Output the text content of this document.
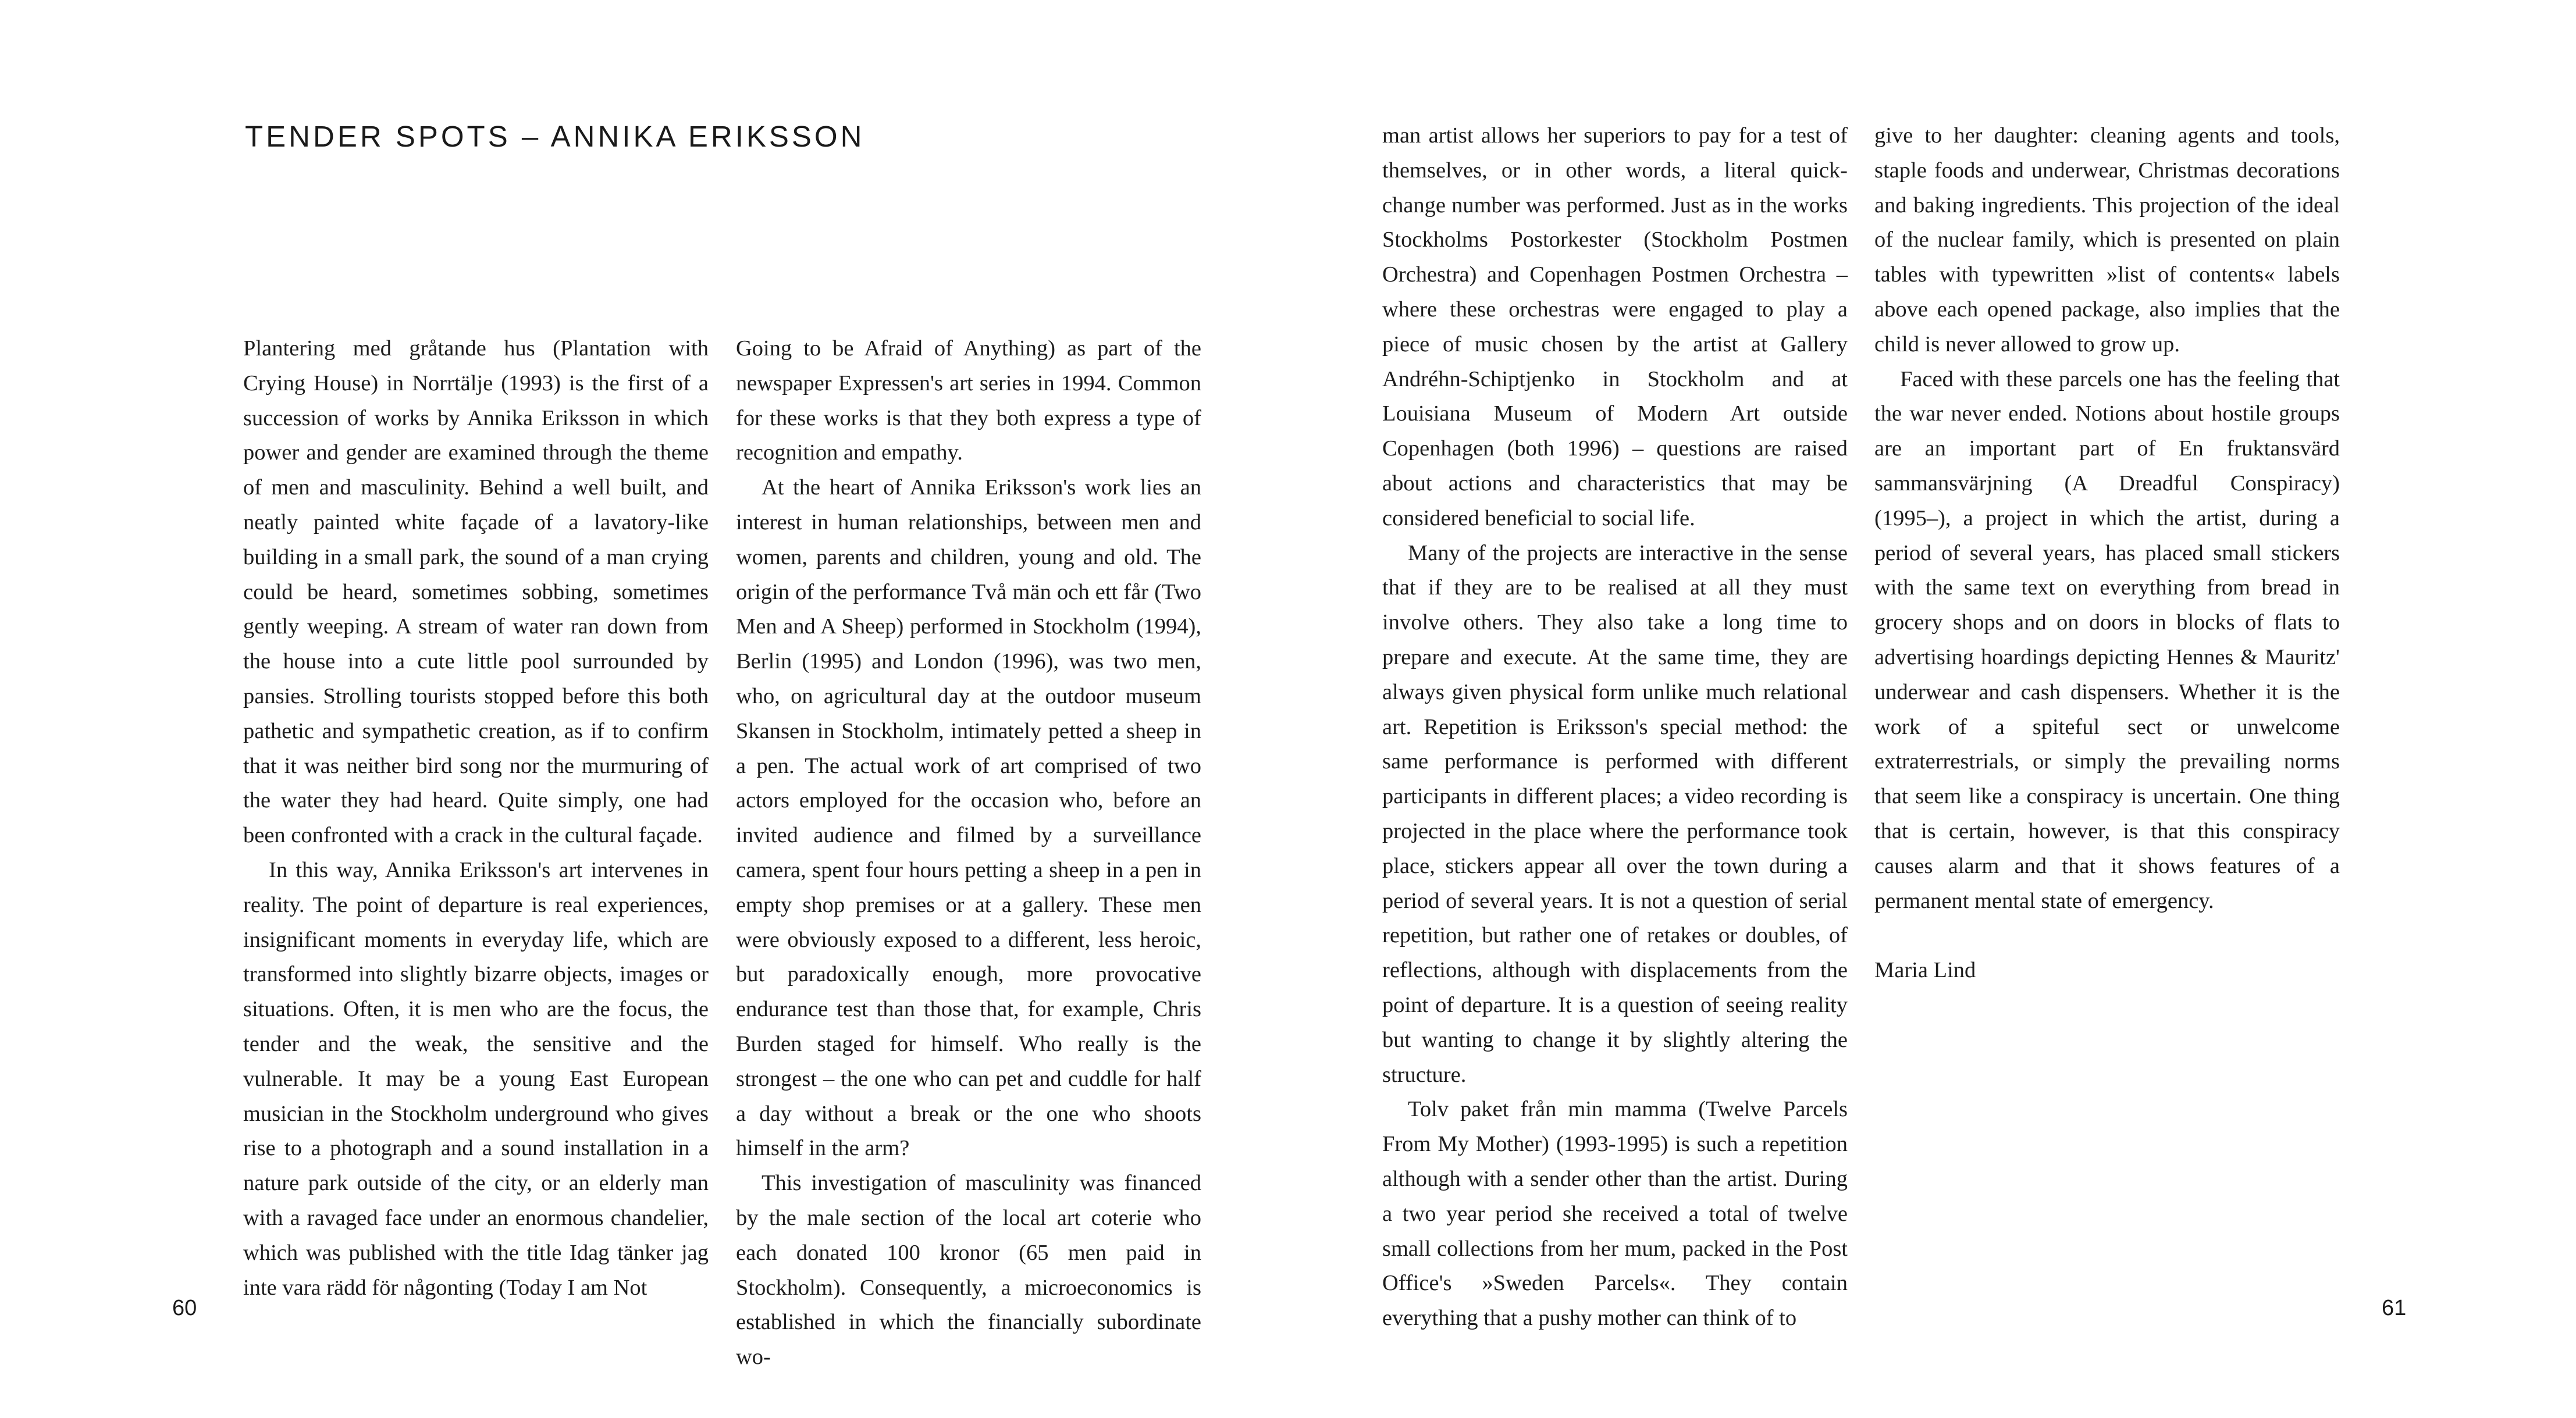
TENDER SPOTS – ANNIKA ERIKSSON

Plantering med gråtande hus (Plantation with Crying House) in Norrtälje (1993) is the first of a succession of works by Annika Eriksson in which power and gender are examined through the theme of men and masculinity. Behind a well built, and neatly painted white façade of a lavatory-like building in a small park, the sound of a man crying could be heard, sometimes sobbing, sometimes gently weeping. A stream of water ran down from the house into a cute little pool surrounded by pansies. Strolling tourists stopped before this both pathetic and sympathetic creation, as if to confirm that it was neither bird song nor the murmuring of the water they had heard. Quite simply, one had been confronted with a crack in the cultural façade.

In this way, Annika Eriksson's art intervenes in reality. The point of departure is real experiences, insignificant moments in everyday life, which are transformed into slightly bizarre objects, images or situations. Often, it is men who are the focus, the tender and the weak, the sensitive and the vulnerable. It may be a young East European musician in the Stockholm underground who gives rise to a photograph and a sound installation in a nature park outside of the city, or an elderly man with a ravaged face under an enormous chandelier, which was published with the title Idag tänker jag inte vara rädd för någonting (Today I am Not

Going to be Afraid of Anything) as part of the newspaper Expressen's art series in 1994. Common for these works is that they both express a type of recognition and empathy.

At the heart of Annika Eriksson's work lies an interest in human relationships, between men and women, parents and children, young and old. The origin of the performance Två män och ett får (Two Men and A Sheep) performed in Stockholm (1994), Berlin (1995) and London (1996), was two men, who, on agricultural day at the outdoor museum Skansen in Stockholm, intimately petted a sheep in a pen. The actual work of art comprised of two actors employed for the occasion who, before an invited audience and filmed by a surveillance camera, spent four hours petting a sheep in a pen in empty shop premises or at a gallery. These men were obviously exposed to a different, less heroic, but paradoxically enough, more provocative endurance test than those that, for example, Chris Burden staged for himself. Who really is the strongest – the one who can pet and cuddle for half a day without a break or the one who shoots himself in the arm?

This investigation of masculinity was financed by the male section of the local art coterie who each donated 100 kronor (65 men paid in Stockholm). Consequently, a microeconomics is established in which the financially subordinate wo-

60

man artist allows her superiors to pay for a test of themselves, or in other words, a literal quick-change number was performed. Just as in the works Stockholms Postorkester (Stockholm Postmen Orchestra) and Copenhagen Postmen Orchestra – where these orchestras were engaged to play a piece of music chosen by the artist at Gallery Andréhn-Schiptjenko in Stockholm and at Louisiana Museum of Modern Art outside Copenhagen (both 1996) – questions are raised about actions and characteristics that may be considered beneficial to social life.

Many of the projects are interactive in the sense that if they are to be realised at all they must involve others. They also take a long time to prepare and execute. At the same time, they are always given physical form unlike much relational art. Repetition is Eriksson's special method: the same performance is performed with different participants in different places; a video recording is projected in the place where the performance took place, stickers appear all over the town during a period of several years. It is not a question of serial repetition, but rather one of retakes or doubles, of reflections, although with displacements from the point of departure. It is a question of seeing reality but wanting to change it by slightly altering the structure.

Tolv paket från min mamma (Twelve Parcels From My Mother) (1993-1995) is such a repetition although with a sender other than the artist. During a two year period she received a total of twelve small collections from her mum, packed in the Post Office's »Sweden Parcels«. They contain everything that a pushy mother can think of to

give to her daughter: cleaning agents and tools, staple foods and underwear, Christmas decorations and baking ingredients. This projection of the ideal of the nuclear family, which is presented on plain tables with typewritten »list of contents« labels above each opened package, also implies that the child is never allowed to grow up.

Faced with these parcels one has the feeling that the war never ended. Notions about hostile groups are an important part of En fruktansvärd sammansvärjning (A Dreadful Conspiracy) (1995–), a project in which the artist, during a period of several years, has placed small stickers with the same text on everything from bread in grocery shops and on doors in blocks of flats to advertising hoardings depicting Hennes & Mauritz' underwear and cash dispensers. Whether it is the work of a spiteful sect or unwelcome extraterrestrials, or simply the prevailing norms that seem like a conspiracy is uncertain. One thing that is certain, however, is that this conspiracy causes alarm and that it shows features of a permanent mental state of emergency.

Maria Lind

61
